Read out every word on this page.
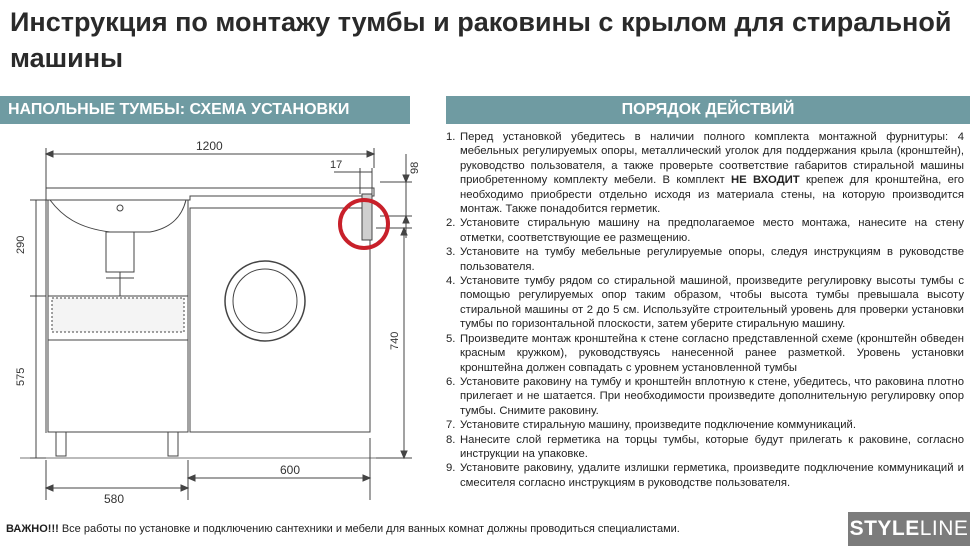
Инструкция по монтажу тумбы и раковины с крылом для стиральной машины
НАПОЛЬНЫЕ ТУМБЫ: СХЕМА УСТАНОВКИ	ПОРЯДОК ДЕЙСТВИЙ
1200
17	98
290
575
740
580
600
1. Перед установкой убедитесь в наличии полного комплекта монтажной фурнитуры: 4 мебельных регулируемых опоры, металлический уголок для поддержания крыла (кронштейн), руководство пользователя, а также проверьте соответствие габаритов стиральной машины приобретенному комплекту мебели. В комплект НЕ ВХОДИТ крепеж для кронштейна, его необходимо приобрести отдельно исходя из материала стены, на которую производится монтаж. Также понадобится герметик.
2. Установите стиральную машину на предполагаемое место монтажа, нанесите на стену отметки, соответствующие ее размещению.
3. Установите на тумбу мебельные регулируемые опоры, следуя инструкциям в руководстве пользователя.
4. Установите тумбу рядом со стиральной машиной, произведите регулировку высоты тумбы с помощью регулируемых опор таким образом, чтобы высота тумбы превышала высоту стиральной машины от 2 до 5 см. Используйте строительный уровень для проверки установки тумбы по горизонтальной плоскости, затем уберите стиральную машину.
5. Произведите монтаж кронштейна к стене согласно представленной схеме (кронштейн обведен красным кружком), руководствуясь нанесенной ранее разметкой. Уровень установки кронштейна должен совпадать с уровнем установленной тумбы
6. Установите раковину на тумбу и кронштейн вплотную к стене, убедитесь, что раковина плотно прилегает и не шатается. При необходимости произведите дополнительную регулировку опор тумбы. Снимите раковину.
7. Установите стиральную машину, произведите подключение коммуникаций.
8. Нанесите слой герметика на торцы тумбы, которые будут прилегать к раковине, согласно инструкции на упаковке.
9. Установите раковину, удалите излишки герметика, произведите подключение коммуникаций и смесителя согласно инструкциям в руководстве пользователя.
ВАЖНО!!! Все работы по установке и подключению сантехники и мебели для ванных комнат должны проводиться специалистами.	STYLELINE
